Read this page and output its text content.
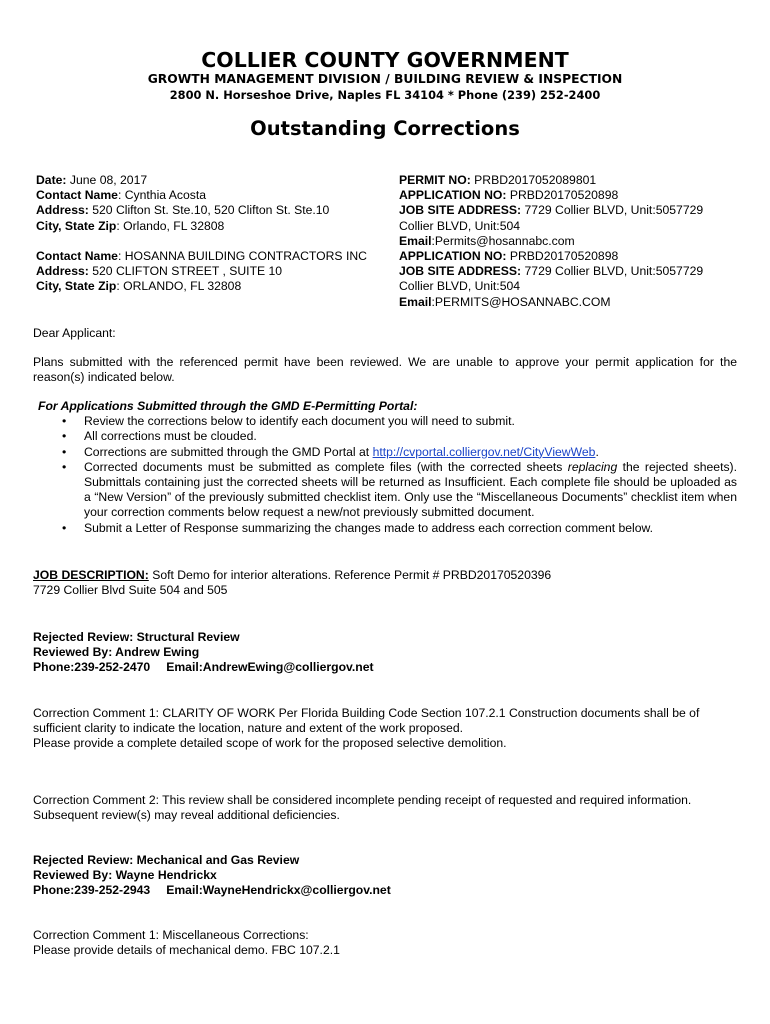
COLLIER COUNTY GOVERNMENT
GROWTH MANAGEMENT DIVISION / BUILDING REVIEW & INSPECTION
2800 N. Horseshoe Drive, Naples FL 34104 * Phone (239) 252-2400
Outstanding Corrections
Date: June 08, 2017
Contact Name: Cynthia Acosta
Address: 520 Clifton St. Ste.10, 520 Clifton St. Ste.10
City, State Zip: Orlando, FL 32808
Contact Name: HOSANNA BUILDING CONTRACTORS INC
Address: 520 CLIFTON STREET , SUITE 10
City, State Zip: ORLANDO, FL 32808
PERMIT NO: PRBD2017052089801
APPLICATION NO: PRBD20170520898
JOB SITE ADDRESS: 7729 Collier BLVD, Unit:5057729
Collier BLVD, Unit:504
Email:Permits@hosannabc.com
APPLICATION NO: PRBD20170520898
JOB SITE ADDRESS: 7729 Collier BLVD, Unit:5057729
Collier BLVD, Unit:504
Email:PERMITS@HOSANNABC.COM
Dear Applicant:
Plans submitted with the referenced permit have been reviewed. We are unable to approve your permit application for the reason(s) indicated below.
For Applications Submitted through the GMD E-Permitting Portal:
• Review the corrections below to identify each document you will need to submit.
• All corrections must be clouded.
• Corrections are submitted through the GMD Portal at http://cvportal.colliergov.net/CityViewWeb.
• Corrected documents must be submitted as complete files (with the corrected sheets replacing the rejected sheets). Submittals containing just the corrected sheets will be returned as Insufficient. Each complete file should be uploaded as a “New Version” of the previously submitted checklist item. Only use the “Miscellaneous Documents” checklist item when your correction comments below request a new/not previously submitted document.
• Submit a Letter of Response summarizing the changes made to address each correction comment below.
JOB DESCRIPTION: Soft Demo for interior alterations. Reference Permit # PRBD20170520396
7729 Collier Blvd Suite 504 and 505
Rejected Review: Structural Review
Reviewed By: Andrew Ewing
Phone:239-252-2470 Email:AndrewEwing@colliergov.net
Correction Comment 1: CLARITY OF WORK Per Florida Building Code Section 107.2.1 Construction documents shall be of sufficient clarity to indicate the location, nature and extent of the work proposed.
Please provide a complete detailed scope of work for the proposed selective demolition.
Correction Comment 2: This review shall be considered incomplete pending receipt of requested and required information.
Subsequent review(s) may reveal additional deficiencies.
Rejected Review: Mechanical and Gas Review
Reviewed By: Wayne Hendrickx
Phone:239-252-2943 Email:WayneHendrickx@colliergov.net
Correction Comment 1: Miscellaneous Corrections:
Please provide details of mechanical demo. FBC 107.2.1
